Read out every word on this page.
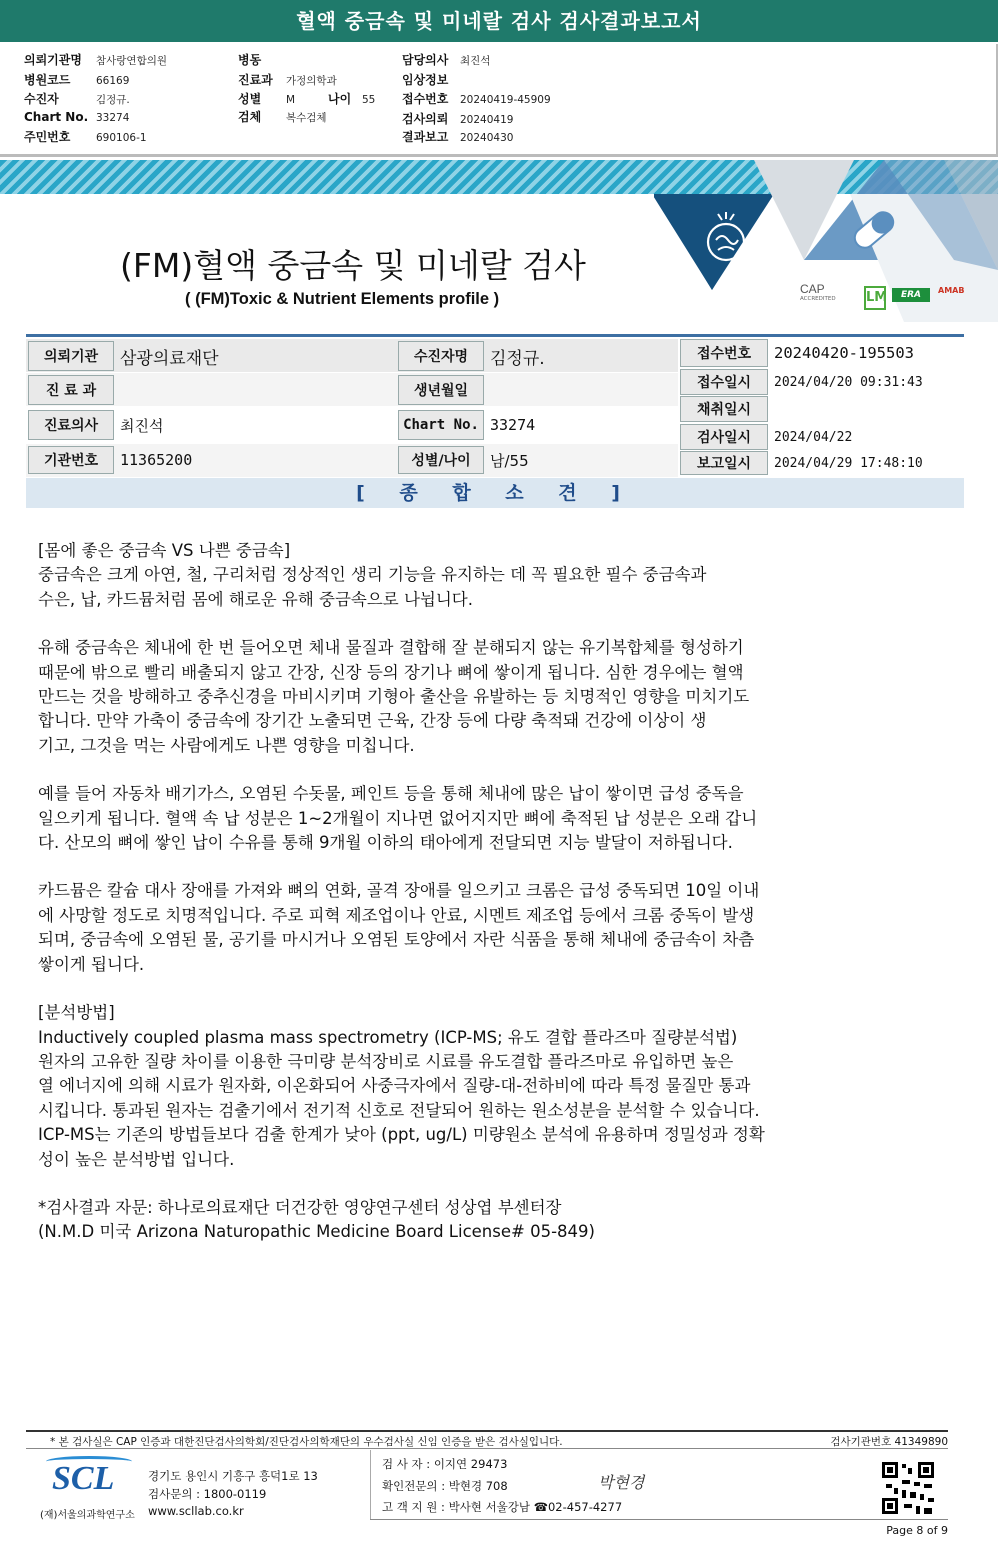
혈액 중금속 및 미네랄 검사 검사결과보고서
의뢰기관명 참사랑연합의원
병원코드 66169
수진자	김정규.
Chart No. 33274
주민번호 690106-1
병동
진료과 가정의학과
성별 M	나이 55
검체 복수검체
담당의사 최진석
임상정보
접수번호 20240419-45909
검사의뢰 20240419
결과보고 20240430
CAP
ACCREDITED	LM	ERA	AMAB
(FM)혈액 중금속 및 미네랄 검사
( (FM)Toxic & Nutrient Elements profile )
의뢰기관	삼광의료재단
진 료 과
진료의사	최진석
기관번호	11365200
수진자명	김정규.
생년월일
Chart No. 33274
성별/나이	남/55
접수번호	20240420-195503
접수일시	2024/04/20 09:31:43
채취일시
검사일시	2024/04/22
보고일시	2024/04/29 17:48:10
[ 종 합 소 견 ]

[몸에 좋은 중금속 VS 나쁜 중금속]
중금속은 크게 아연, 철, 구리처럼 정상적인 생리 기능을 유지하는 데 꼭 필요한 필수 중금속과
수은, 납, 카드뮴처럼 몸에 해로운 유해 중금속으로 나뉩니다.

유해 중금속은 체내에 한 번 들어오면 체내 물질과 결합해 잘 분해되지 않는 유기복합체를 형성하기
때문에 밖으로 빨리 배출되지 않고 간장, 신장 등의 장기나 뼈에 쌓이게 됩니다. 심한 경우에는 혈액
만드는 것을 방해하고 중추신경을 마비시키며 기형아 출산을 유발하는 등 치명적인 영향을 미치기도
합니다. 만약 가축이 중금속에 장기간 노출되면 근육, 간장 등에 다량 축적돼 건강에 이상이 생
기고, 그것을 먹는 사람에게도 나쁜 영향을 미칩니다.

예를 들어 자동차 배기가스, 오염된 수돗물, 페인트 등을 통해 체내에 많은 납이 쌓이면 급성 중독을
일으키게 됩니다. 혈액 속 납 성분은 1~2개월이 지나면 없어지지만 뼈에 축적된 납 성분은 오래 갑니
다. 산모의 뼈에 쌓인 납이 수유를 통해 9개월 이하의 태아에게 전달되면 지능 발달이 저하됩니다.

카드뮴은 칼슘 대사 장애를 가져와 뼈의 연화, 골격 장애를 일으키고 크롬은 급성 중독되면 10일 이내
에 사망할 정도로 치명적입니다. 주로 피혁 제조업이나 안료, 시멘트 제조업 등에서 크롬 중독이 발생
되며, 중금속에 오염된 물, 공기를 마시거나 오염된 토양에서 자란 식품을 통해 체내에 중금속이 차츰
쌓이게 됩니다.

[분석방법]
Inductively coupled plasma mass spectrometry (ICP-MS; 유도 결합 플라즈마 질량분석법)
원자의 고유한 질량 차이를 이용한 극미량 분석장비로 시료를 유도결합 플라즈마로 유입하면 높은
열 에너지에 의해 시료가 원자화, 이온화되어 사중극자에서 질량-대-전하비에 따라 특정 물질만 통과
시킵니다. 통과된 원자는 검출기에서 전기적 신호로 전달되어 원하는 원소성분을 분석할 수 있습니다.
ICP-MS는 기존의 방법들보다 검출 한계가 낮아 (ppt, ug/L) 미량원소 분석에 유용하며 정밀성과 정확
성이 높은 분석방법 입니다.

*검사결과 자문: 하나로의료재단 더건강한 영양연구센터 성상엽 부센터장
(N.M.D 미국 Arizona Naturopathic Medicine Board License# 05-849)

* 본 검사실은 CAP 인증과 대한진단검사의학회/진단검사의학재단의 우수검사실 신임 인증을 받은 검사실입니다.	검사기관번호 41349890
SCL
(재)서울의과학연구소
경기도 용인시 기흥구 흥덕1로 13
검사문의 : 1800-0119
www.scllab.co.kr
검 사 자 : 이지연 29473
확인전문의 : 박현경 708
고 객 지 원 : 박사현 서울강남 ☎02-457-4277
박현경
Page 8 of 9
